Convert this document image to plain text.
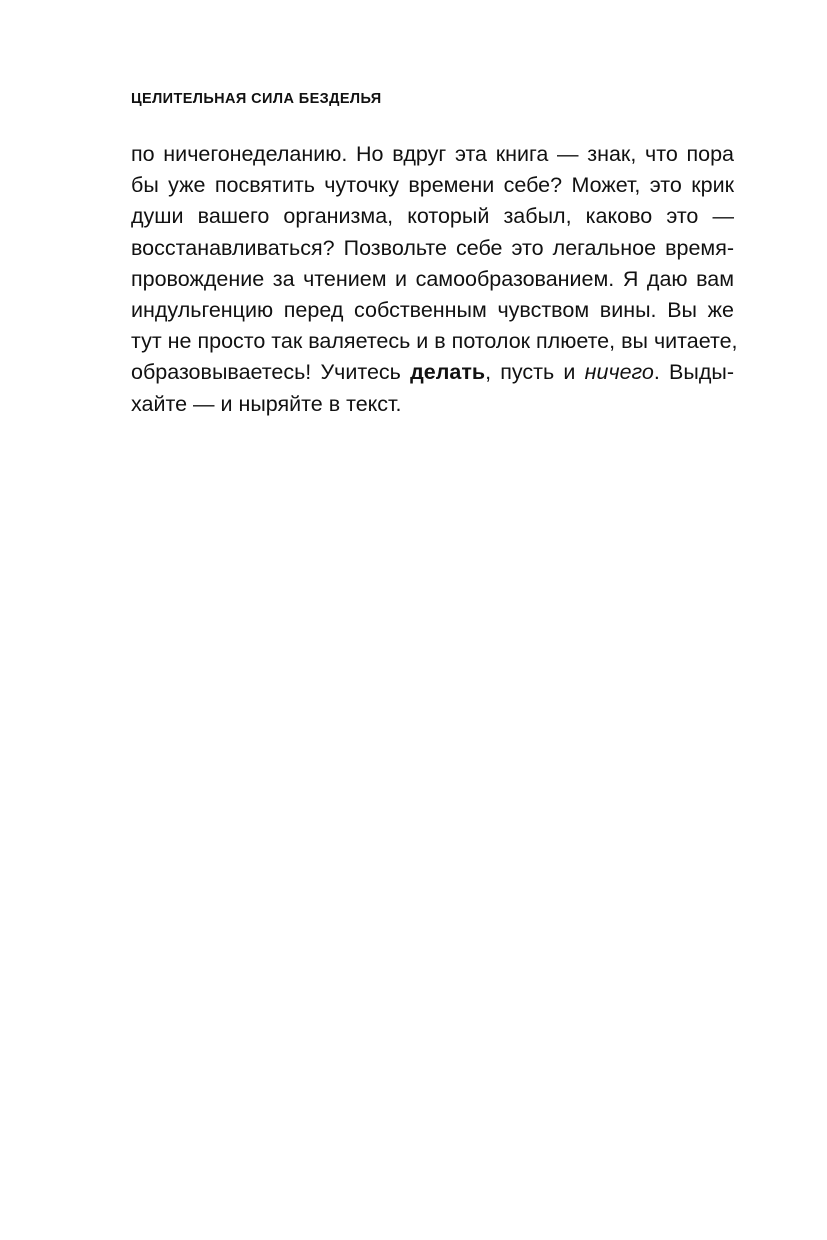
ЦЕЛИТЕЛЬНАЯ СИЛА БЕЗДЕЛЬЯ
по ничегонеделанию. Но вдруг эта книга — знак, что пора
бы уже посвятить чуточку времени себе? Может, это крик
души вашего организма, который забыл, каково это —
восстанавливаться? Позвольте себе это легальное время-
провождение за чтением и самообразованием. Я даю вам
индульгенцию перед собственным чувством вины. Вы же
тут не просто так валяетесь и в потолок плюете, вы читаете,
образовываетесь! Учитесь делать, пусть и ничего. Выды-
хайте — и ныряйте в текст.
